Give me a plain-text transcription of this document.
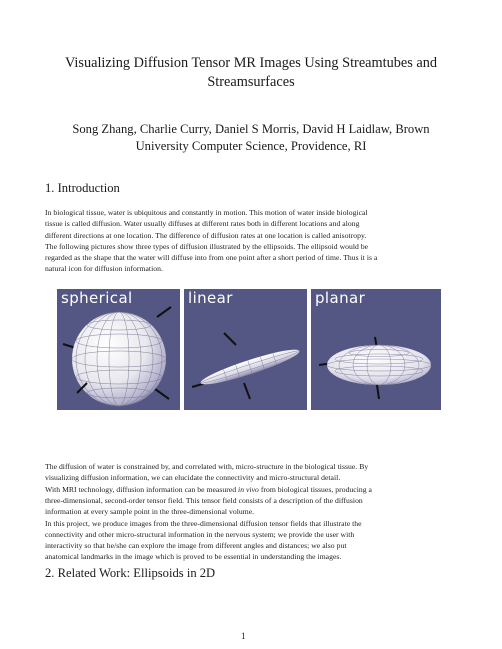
Visualizing Diffusion Tensor MR Images Using Streamtubes and
Streamsurfaces
Song Zhang, Charlie Curry, Daniel S Morris, David H Laidlaw, Brown
University Computer Science, Providence, RI
1. Introduction
In biological tissue, water is ubiquitous and constantly in motion. This motion of water inside biological
tissue is called diffusion. Water usually diffuses at different rates both in different locations and along
different directions at one location. The difference of diffusion rates at one location is called anisotropy.
The following pictures show three types of diffusion illustrated by the ellipsoids. The ellipsoid would be
regarded as the shape that the water will diffuse into from one point after a short period of time. Thus it is a
natural icon for diffusion information.
spherical	linear	planar
The diffusion of water is constrained by, and correlated with, micro-structure in the biological tissue. By
visualizing diffusion information, we can elucidate the connectivity and micro-structural detail.
With MRI technology, diffusion information can be measured in vivo from biological tissues, producing a
three-dimensional, second-order tensor field. This tensor field consists of a description of the diffusion
information at every sample point in the three-dimensional volume.
In this project, we produce images from the three-dimensional diffusion tensor fields that illustrate the
connectivity and other micro-structural information in the nervous system; we provide the user with
interactivity so that he/she can explore the image from different angles and distances; we also put
anatomical landmarks in the image which is proved to be essential in understanding the images.
2. Related Work: Ellipsoids in 2D

1
